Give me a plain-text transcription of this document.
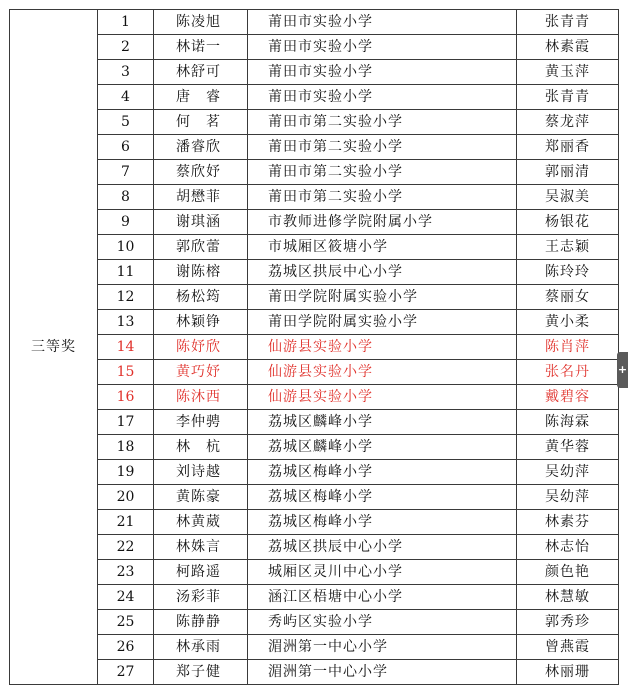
三等奖	1	陈凌旭	莆田市实验小学	张青青
	2	林诺一	莆田市实验小学	林素霞
	3	林舒可	莆田市实验小学	黄玉萍
	4	唐　睿	莆田市实验小学	张青青
	5	何　茗	莆田市第二实验小学	蔡龙萍
	6	潘睿欣	莆田市第二实验小学	郑丽香
	7	蔡欣妤	莆田市第二实验小学	郭丽清
	8	胡懋菲	莆田市第二实验小学	吴淑美
	9	谢琪涵	市教师进修学院附属小学	杨银花
	10	郭欣蕾	市城厢区筱塘小学	王志颖
	11	谢陈榕	荔城区拱辰中心小学	陈玲玲
	12	杨松筠	莆田学院附属实验小学	蔡丽女
	13	林颖铮	莆田学院附属实验小学	黄小柔
	14	陈妤欣	仙游县实验小学	陈肖萍
	15	黄巧妤	仙游县实验小学	张名丹
	16	陈沐西	仙游县实验小学	戴碧容
	17	李仲骋	荔城区麟峰小学	陈海霖
	18	林　杭	荔城区麟峰小学	黄华蓉
	19	刘诗越	荔城区梅峰小学	吴幼萍
	20	黄陈豪	荔城区梅峰小学	吴幼萍
	21	林黄葳	荔城区梅峰小学	林素芬
	22	林姝言	荔城区拱辰中心小学	林志怡
	23	柯路遥	城厢区灵川中心小学	颜色艳
	24	汤彩菲	涵江区梧塘中心小学	林慧敏
	25	陈静静	秀屿区实验小学	郭秀珍
	26	林承雨	湄洲第一中心小学	曾燕霞
	27	郑子健	湄洲第一中心小学	林丽珊
+
